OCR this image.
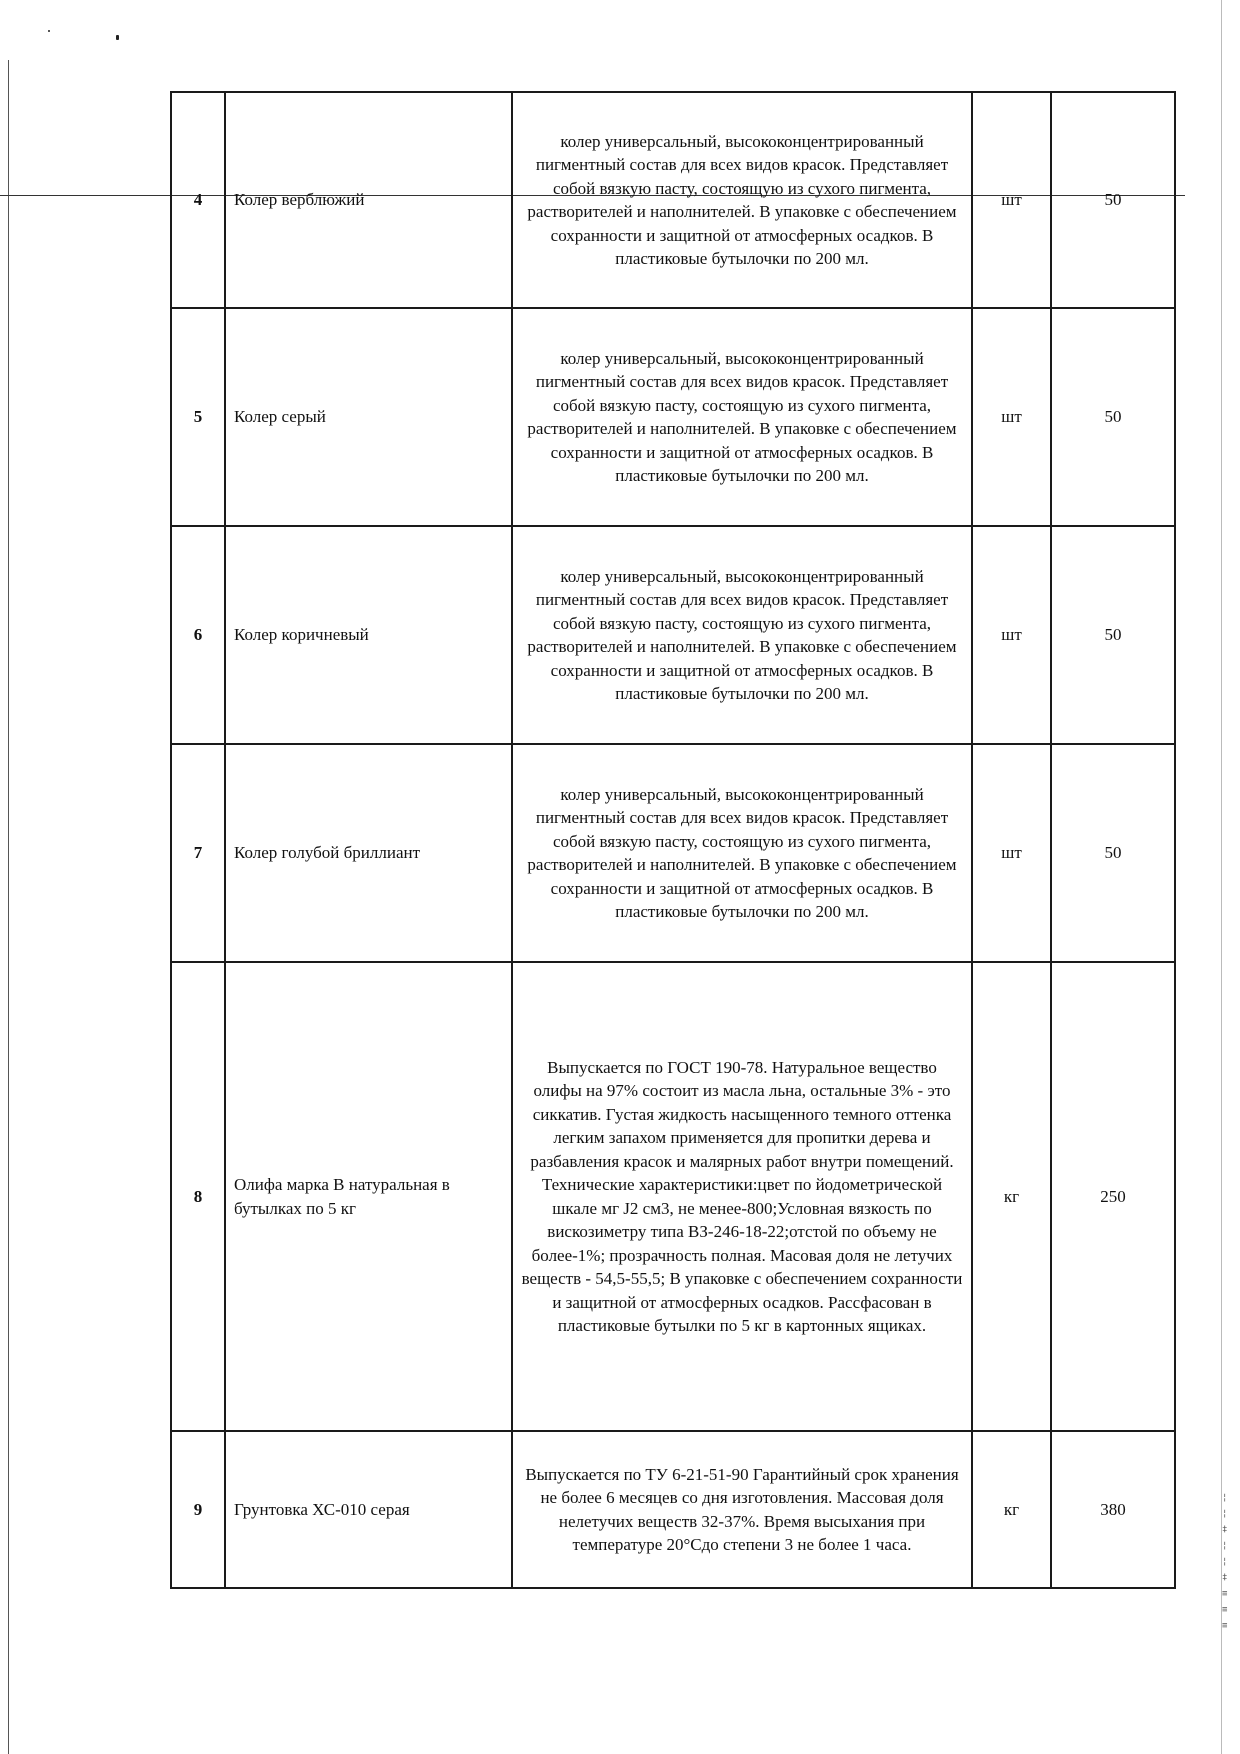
¦
¦
‡
¦
¦
‡
≡
≡
≡
4	Колер верблюжий	колер универсальный, высококонцентрированный пигментный состав для всех видов красок. Представляет собой вязкую пасту, состоящую из сухого пигмента, растворителей и наполнителей. В упаковке с обеспечением сохранности и защитной от атмосферных осадков. В пластиковые бутылочки по 200 мл.	шт	50
5	Колер серый	колер универсальный, высококонцентрированный пигментный состав для всех видов красок. Представляет собой вязкую пасту, состоящую из сухого пигмента, растворителей и наполнителей. В упаковке с обеспечением сохранности и защитной от атмосферных осадков. В пластиковые бутылочки по 200 мл.	шт	50
6	Колер коричневый	колер универсальный, высококонцентрированный пигментный состав для всех видов красок. Представляет собой вязкую пасту, состоящую из сухого пигмента, растворителей и наполнителей. В упаковке с обеспечением сохранности и защитной от атмосферных осадков. В пластиковые бутылочки по 200 мл.	шт	50
7	Колер голубой бриллиант	колер универсальный, высококонцентрированный пигментный состав для всех видов красок. Представляет собой вязкую пасту, состоящую из сухого пигмента, растворителей и наполнителей. В упаковке с обеспечением сохранности и защитной от атмосферных осадков. В пластиковые бутылочки по 200 мл.	шт	50
8	Олифа марка В натуральная в бутылках по 5 кг	Выпускается по ГОСТ 190-78. Натуральное вещество олифы на 97% состоит из масла льна, остальные 3% - это сиккатив. Густая жидкость насыщенного темного оттенка легким запахом применяется для пропитки дерева и разбавления красок и малярных работ внутри помещений. Технические характеристики:цвет по йодометрической шкале мг J2 см3, не менее-800;Условная вязкость по вискозиметру типа ВЗ-246-18-22;отстой по объему не более-1%; прозрачность полная. Масовая доля не летучих веществ - 54,5-55,5; В упаковке с обеспечением сохранности и защитной от атмосферных осадков. Рассфасован в пластиковые бутылки по 5 кг в картонных ящиках.	кг	250
9	Грунтовка ХС-010 серая	Выпускается по ТУ 6-21-51-90 Гарантийный срок хранения не более 6 месяцев со дня изготовления. Массовая доля нелетучих веществ 32-37%. Время высыхания при температуре 20°Сдо степени 3 не более 1 часа.	кг	380
